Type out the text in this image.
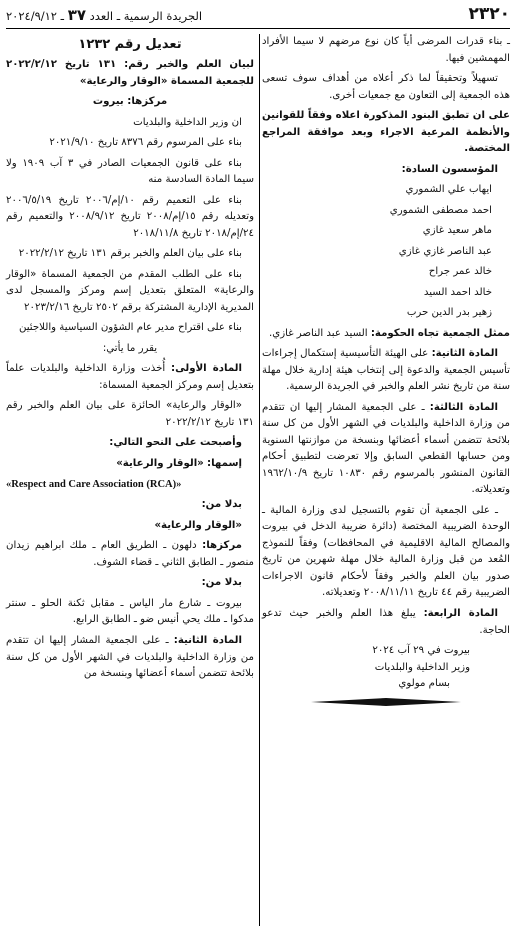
٢٣٢٠
الجريدة الرسمية ـ العدد ٣٧ ـ ٢٠٢٤/٩/١٢

ـ بناء قدرات المرضى أياً كان نوع مرضهم لا سيما الأفراد المهمشين فيها.

تسهيلاً وتحقيقاً لما ذكر أعلاه من أهداف سوف تسعى هذه الجمعية إلى التعاون مع جمعيات أخرى.

على ان تطبق البنود المذكورة اعلاه وفقاً للقوانين والأنظمة المرعية الاجراء وبعد موافقة المراجع المختصة.

المؤسسون السادة:

ايهاب علي الشموري
احمد مصطفى الشموري
ماهر سعيد غازي
عبد الناصر غازي غازي
خالد عمر جراح
خالد احمد السيد
زهير بدر الدين حرب

ممثل الجمعية تجاه الحكومة: السيد عبد الناصر غازي.

المادة الثانية: على الهيئة التأسيسية إستكمال إجراءات تأسيس الجمعية والدعوة إلى إنتخاب هيئة إدارية خلال مهلة سنة من تاريخ نشر العلم والخبر في الجريدة الرسمية.

المادة الثالثة: ـ على الجمعية المشار إليها ان تتقدم من وزارة الداخلية والبلديات في الشهر الأول من كل سنة بلائحة تتضمن أسماء أعضائها وبنسخة من موازنتها السنوية ومن حسابها القطعي السابق وإلا تعرضت لتطبيق أحكام القانون المنشور بالمرسوم رقم ١٠٨٣٠ تاريخ ١٩٦٢/١٠/٩ وتعديلاته.

ـ على الجمعية أن تقوم بالتسجيل لدى وزارة المالية ـ الوحدة الضريبية المختصة (دائرة ضريبة الدخل في بيروت والمصالح المالية الاقليمية في المحافظات) وفقاً للنموذج المُعد من قبل وزارة المالية خلال مهلة شهرين من تاريخ صدور بيان العلم والخبر وفقاً لأحكام قانون الاجراءات الضريبية رقم ٤٤ تاريخ ٢٠٠٨/١١/١١ وتعديلاته.

المادة الرابعة: يبلغ هذا العلم والخبر حيث تدعو الحاجة.

بيروت في ٢٩ آب ٢٠٢٤

وزير الداخلية والبلديات

بسام مولوي

تعديل رقم ١٢٣٢

لبيان العلم والخبر رقم: ١٣١ تاريخ ٢٠٢٢/٢/١٢ للجمعية المسماة «الوقار والرعاية»

مركزها: بيروت

ان وزير الداخلية والبلديات

بناء على المرسوم رقم ٨٣٧٦ تاريخ ٢٠٢١/٩/١٠

بناء على قانون الجمعيات الصادر في ٣ آب ١٩٠٩ ولا سيما المادة السادسة منه

بناء على التعميم رقم ١٠/إم/٢٠٠٦ تاريخ ٢٠٠٦/٥/١٩ وتعديله رقم ١٥/إم/٢٠٠٨ تاريخ ٢٠٠٨/٩/١٢ والتعميم رقم ٢٤/إم/٢٠١٨ تاريخ ٢٠١٨/١١/٨

بناء على بيان العلم والخبر برقم ١٣١ تاريخ ٢٠٢٢/٢/١٢

بناء على الطلب المقدم من الجمعية المسماة «الوقار والرعاية» المتعلق بتعديل إسم ومركز والمسجل لدى المديرية الإدارية المشتركة برقم ٢٥٠٢ تاريخ ٢٠٢٣/٢/١٦

بناء على اقتراح مدير عام الشؤون السياسية واللاجئين

يقرر ما يأتي:

المادة الأولى: أُخذت وزارة الداخلية والبلديات علماً بتعديل إسم ومركز الجمعية المسماة:

«الوقار والرعاية» الحائزة على بيان العلم والخبر رقم ١٣١ تاريخ ٢٠٢٢/٢/١٢

وأصبحت على النحو التالي:

إسمها: «الوقار والرعاية»

«Respect and Care Association (RCA)»

بدلا من:

«الوقار والرعاية»

مركزها: دلهون ـ الطريق العام ـ ملك ابراهيم زيدان منصور ـ الطابق الثاني ـ قضاء الشوف.

بدلا من:

بيروت ـ شارع مار الياس ـ مقابل ثكنة الحلو ـ سنتر مدكوا ـ ملك يحي أنيس ضو ـ الطابق الرابع.

المادة الثانية: ـ على الجمعية المشار إليها ان تتقدم من وزارة الداخلية والبلديات في الشهر الأول من كل سنة بلائحة تتضمن أسماء أعضائها وبنسخة من
